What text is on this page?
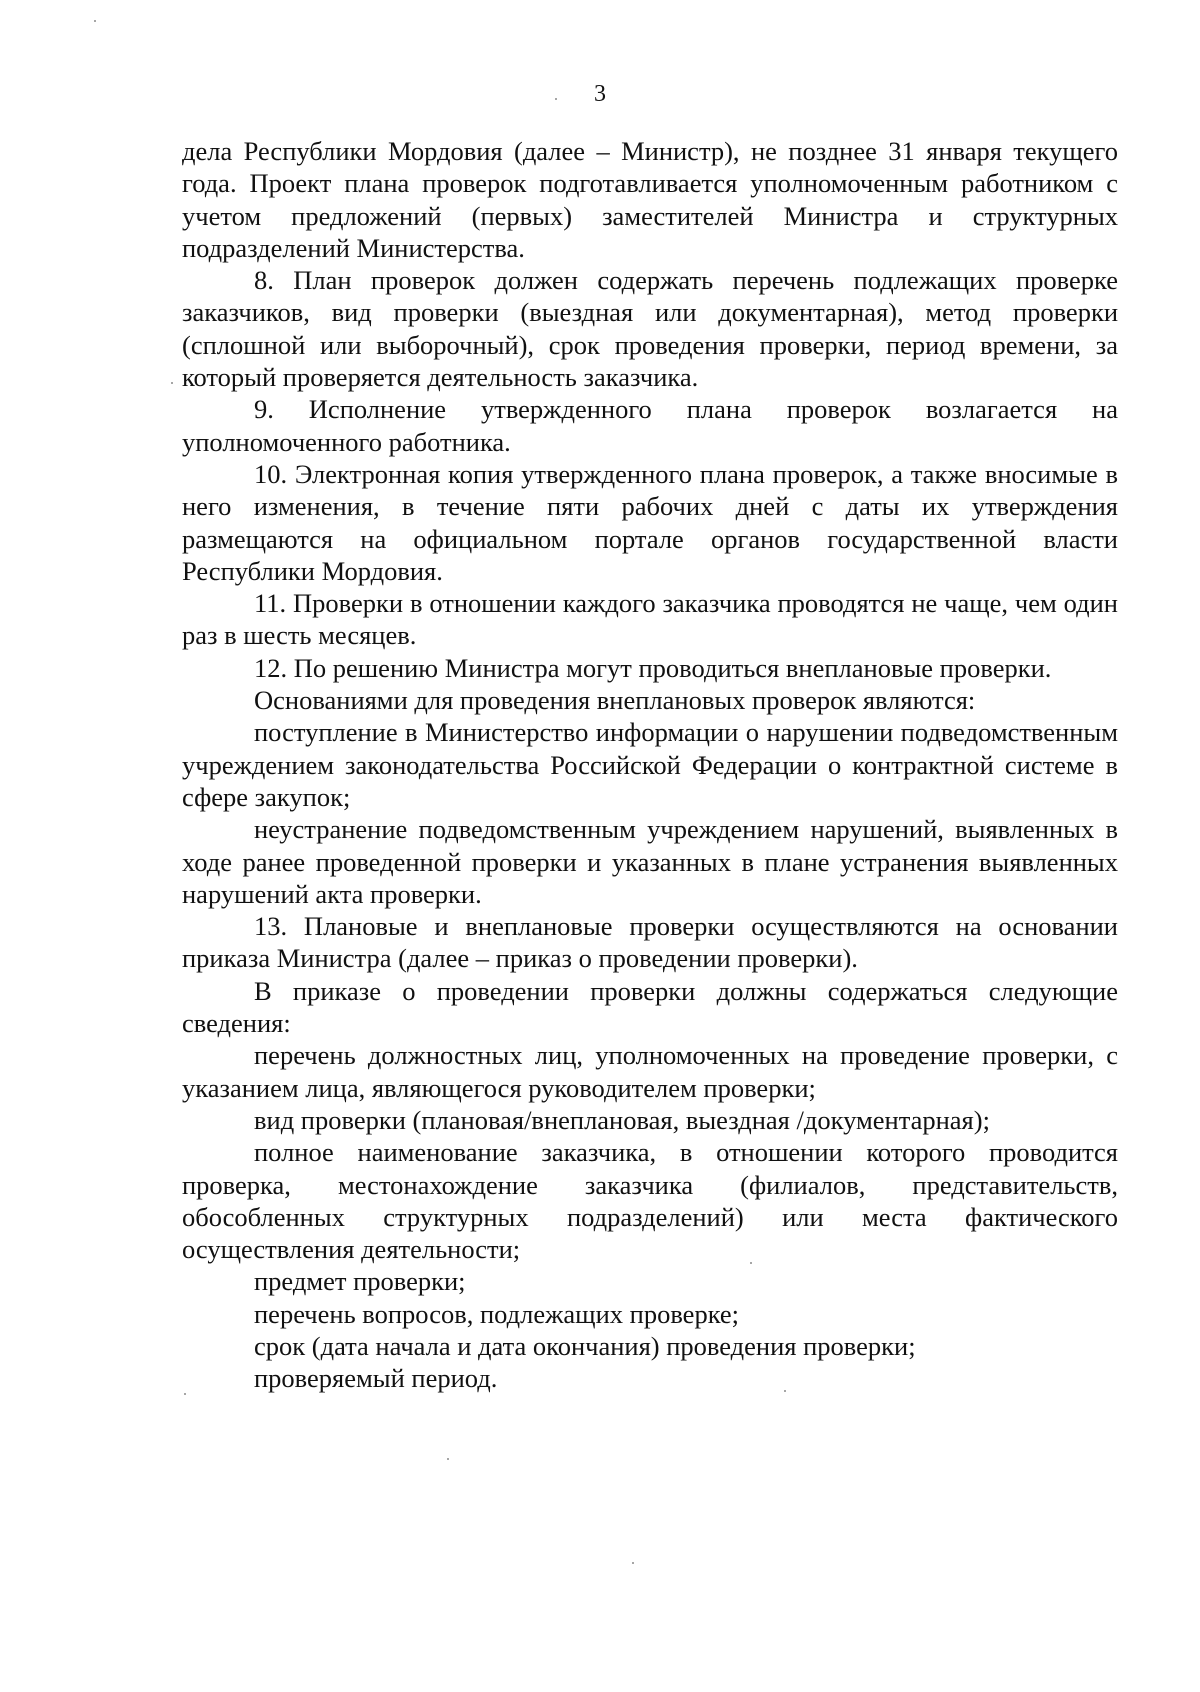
3

дела Республики Мордовия (далее – Министр), не позднее 31 января текущего года. Проект плана проверок подготавливается уполномоченным работником с учетом предложений (первых) заместителей Министра и структурных подразделений Министерства.

8. План проверок должен содержать перечень подлежащих проверке заказчиков, вид проверки (выездная или документарная), метод проверки (сплошной или выборочный), срок проведения проверки, период времени, за который проверяется деятельность заказчика.

9. Исполнение утвержденного плана проверок возлагается на уполномоченного работника.

10. Электронная копия утвержденного плана проверок, а также вносимые в него изменения, в течение пяти рабочих дней с даты их утверждения размещаются на официальном портале органов государственной власти Республики Мордовия.

11. Проверки в отношении каждого заказчика проводятся не чаще, чем один раз в шесть месяцев.

12. По решению Министра могут проводиться внеплановые проверки.

Основаниями для проведения внеплановых проверок являются:

поступление в Министерство информации о нарушении подведомственным учреждением законодательства Российской Федерации о контрактной системе в сфере закупок;

неустранение подведомственным учреждением нарушений, выявленных в ходе ранее проведенной проверки и указанных в плане устранения выявленных нарушений акта проверки.

13. Плановые и внеплановые проверки осуществляются на основании приказа Министра (далее – приказ о проведении проверки).

В приказе о проведении проверки должны содержаться следующие сведения:

перечень должностных лиц, уполномоченных на проведение проверки, с указанием лица, являющегося руководителем проверки;

вид проверки (плановая/внеплановая, выездная /документарная);

полное наименование заказчика, в отношении которого проводится проверка, местонахождение заказчика (филиалов, представительств, обособленных структурных подразделений) или места фактического осуществления деятельности;

предмет проверки;

перечень вопросов, подлежащих проверке;

срок (дата начала и дата окончания) проведения проверки;

проверяемый период.
